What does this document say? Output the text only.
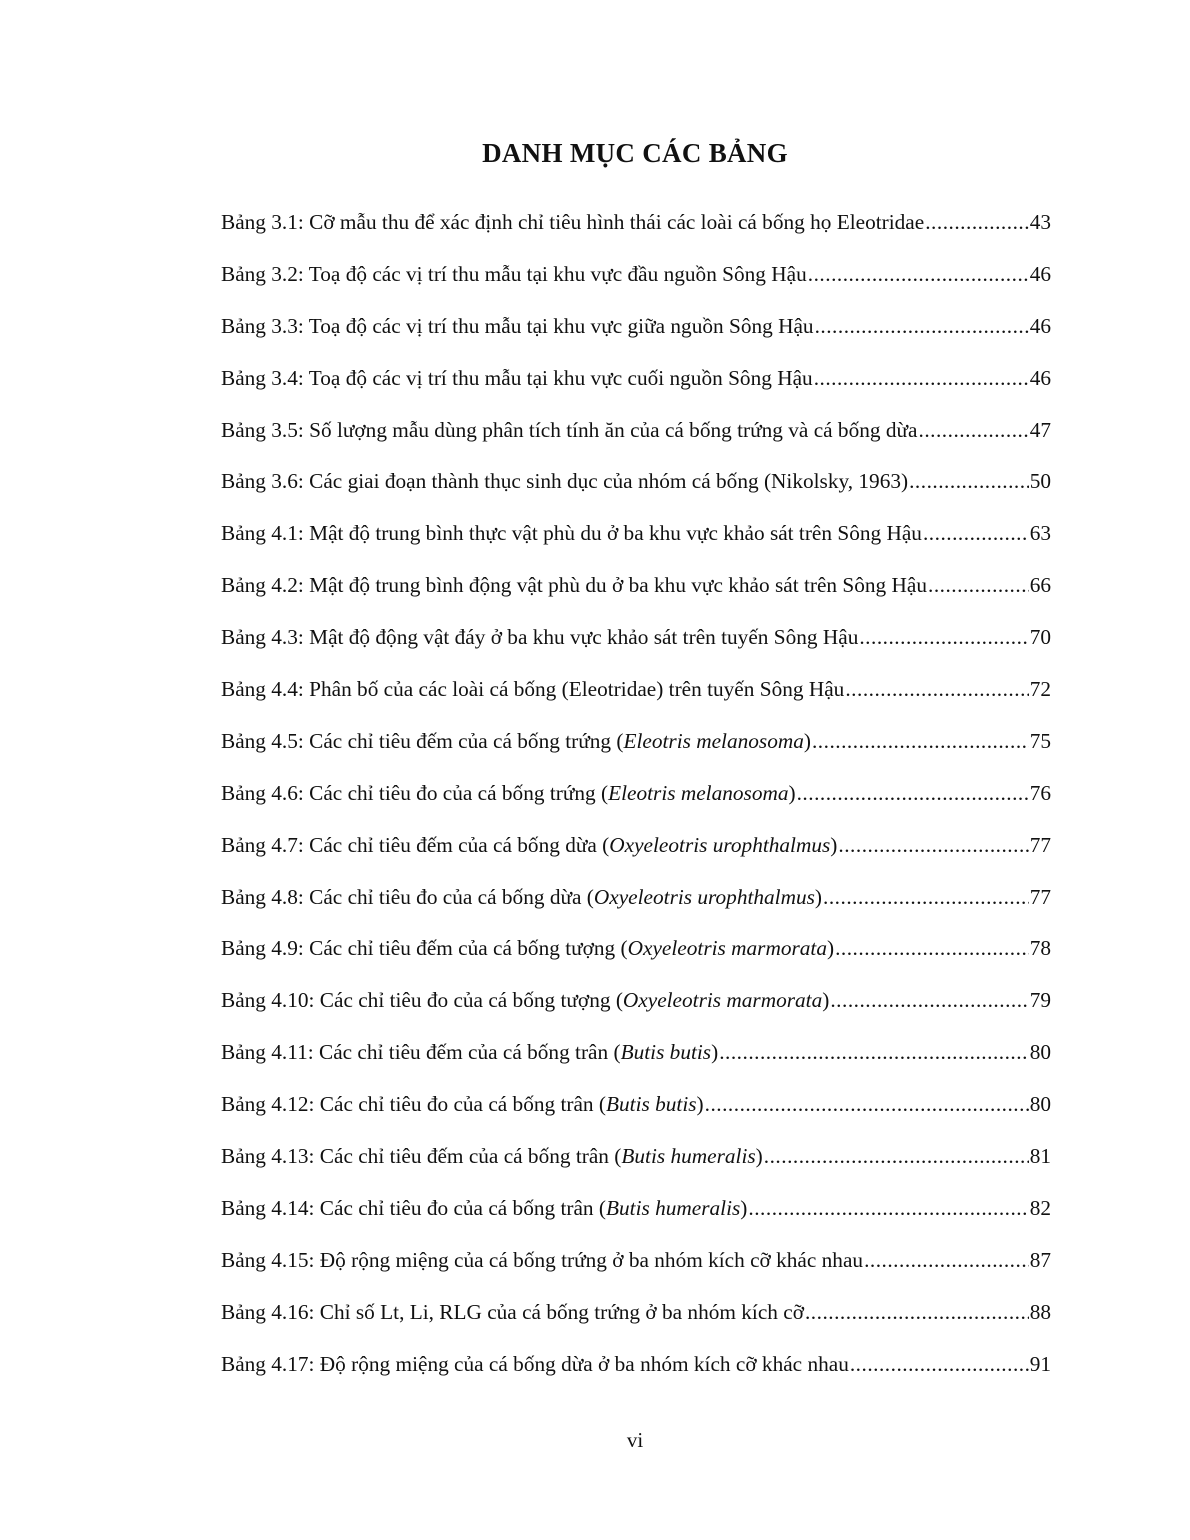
DANH MỤC CÁC BẢNG
Bảng 3.1: Cỡ mẫu thu để xác định chỉ tiêu hình thái các loài cá bống họ Eleotridae .....	43
Bảng 3.2: Toạ độ các vị trí thu mẫu tại khu vực đầu nguồn Sông Hậu .....	46
Bảng 3.3: Toạ độ các vị trí thu mẫu tại khu vực giữa nguồn Sông Hậu .....	46
Bảng 3.4: Toạ độ các vị trí thu mẫu tại khu vực cuối nguồn Sông Hậu .....	46
Bảng 3.5: Số lượng mẫu dùng phân tích tính ăn của cá bống trứng và cá bống dừa .....	47
Bảng 3.6: Các giai đoạn thành thục sinh dục của nhóm cá bống (Nikolsky, 1963) .....	50
Bảng 4.1: Mật độ trung bình thực vật phù du ở ba khu vực khảo sát trên Sông Hậu .....	63
Bảng 4.2: Mật độ trung bình động vật phù du ở ba khu vực khảo sát trên Sông Hậu .....	66
Bảng 4.3: Mật độ động vật đáy ở ba khu vực khảo sát trên tuyến Sông Hậu .....	70
Bảng 4.4: Phân bố của các loài cá bống (Eleotridae) trên tuyến Sông Hậu .....	72
Bảng 4.5: Các chỉ tiêu đếm của cá bống trứng (Eleotris melanosoma) .....	75
Bảng 4.6: Các chỉ tiêu đo của cá bống trứng (Eleotris melanosoma) .....	76
Bảng 4.7: Các chỉ tiêu đếm của cá bống dừa (Oxyeleotris urophthalmus) .....	77
Bảng 4.8: Các chỉ tiêu đo của cá bống dừa (Oxyeleotris urophthalmus) .....	77
Bảng 4.9: Các chỉ tiêu đếm của cá bống tượng (Oxyeleotris marmorata) .....	78
Bảng 4.10: Các chỉ tiêu đo của cá bống tượng (Oxyeleotris marmorata) .....	79
Bảng 4.11: Các chỉ tiêu đếm của cá bống trân (Butis butis) .....	80
Bảng 4.12: Các chỉ tiêu đo của cá bống trân (Butis butis) .....	80
Bảng 4.13: Các chỉ tiêu đếm của cá bống trân (Butis humeralis) .....	81
Bảng 4.14: Các chỉ tiêu đo của cá bống trân (Butis humeralis) .....	82
Bảng 4.15: Độ rộng miệng của cá bống trứng ở ba nhóm kích cỡ khác nhau .....	87
Bảng 4.16: Chỉ số Lt, Li, RLG của cá bống trứng ở ba nhóm kích cỡ .....	88
Bảng 4.17: Độ rộng miệng của cá bống dừa ở ba nhóm kích cỡ khác nhau .....	91
vi
